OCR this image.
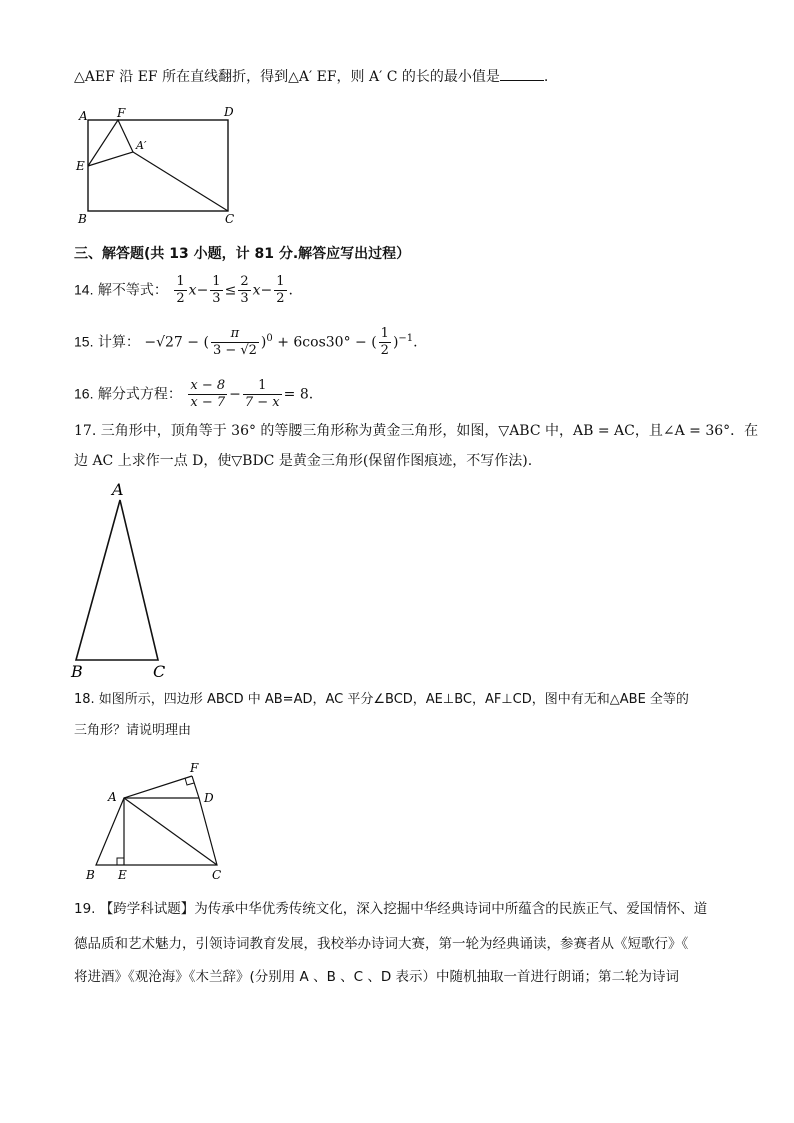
△AEF 沿 EF 所在直线翻折，得到△A′ EF，则 A′ C 的长的最小值是	.
A F	D
A′
E
B	C
三、解答题(共 13 小题，计 81 分.解答应写出过程）
14. 解不等式： $\frac{1}{2} x- \frac{1}{3} \le \frac{2}{3} x- \frac{1}{2}$ .
15. 计算： −√27 − ( $\frac{\pi}{3 - √2} )^0 + 6\cos 30^\circ$ − ( $\frac{1}{2} )^{-1}$.
16. 解分式方程： $\frac{x - 8}{x - 7} - \frac{1}{7 - x} = 8$.
17. 三角形中，顶角等于 36° 的等腰三角形称为黄金三角形，如图，▽ABC 中，AB = AC，且∠A = 36°．在
边 AC 上求作一点 D，使▽BDC 是黄金三角形(保留作图痕迹，不写作法).
A
B	C
18. 如图所示，四边形 ABCD 中 AB=AD，AC 平分∠BCD，AE⊥BC，AF⊥CD，图中有无和△ABE 全等的
三角形？请说明理由
A
F
D
B E	C
19. 【跨学科试题】为传承中华优秀传统文化，深入挖掘中华经典诗词中所蕴含的民族正气、爱国情怀、道
德品质和艺术魅力，引领诗词教育发展，我校举办诗词大赛，第一轮为经典诵读，参赛者从《短歌行》《
将进酒》《观沧海》《木兰辞》(分别用 A 、B 、C 、D 表示）中随机抽取一首进行朗诵；第二轮为诗词
